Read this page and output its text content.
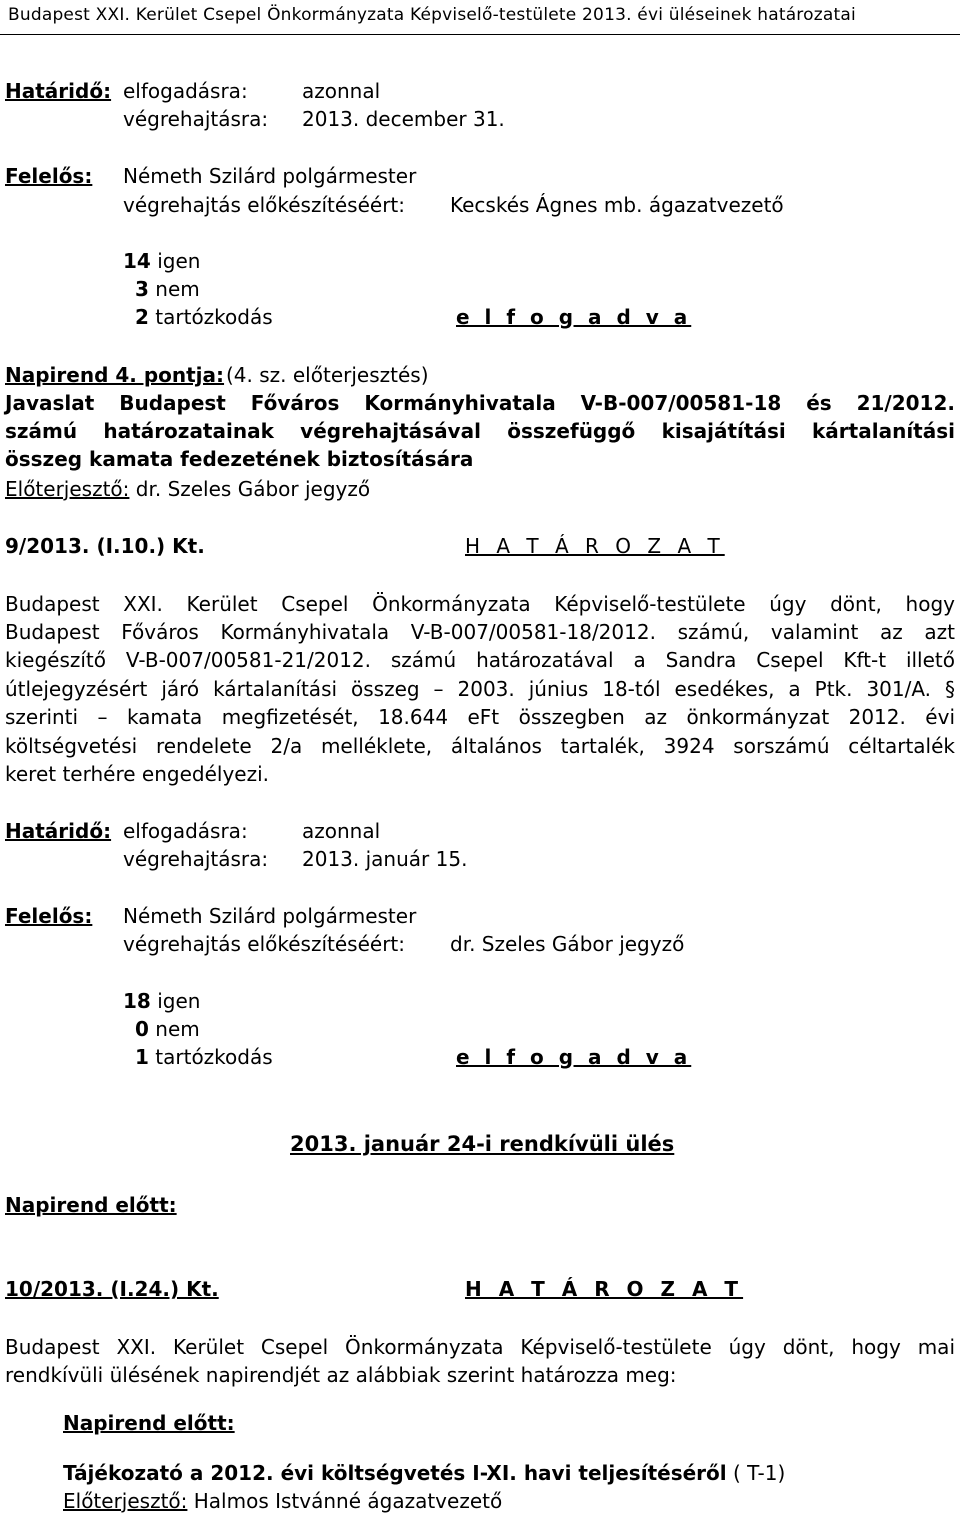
Budapest XXI. Kerület Csepel Önkormányzata Képviselő-testülete 2013. évi üléseinek határozatai
Határidő: elfogadásra:	azonnal
végrehajtásra: 2013. december 31.
Felelős: Németh Szilárd polgármester
végrehajtás előkészítéséért: Kecskés Ágnes mb. ágazatvezető
14 igen
3 nem
2 tartózkodás	e l f o g a d v a
Napirend 4. pontja: (4. sz. előterjesztés)
Javaslat Budapest Főváros Kormányhivatala V-B-007/00581-18 és 21/2012.
számú határozatainak végrehajtásával összefüggő kisajátítási kártalanítási
összeg kamata fedezetének biztosítására
Előterjesztő: dr. Szeles Gábor jegyző
9/2013. (I.10.) Kt.	H A T Á R O Z A T
Budapest XXI. Kerület Csepel Önkormányzata Képviselő-testülete úgy dönt, hogy
Budapest Főváros Kormányhivatala V-B-007/00581-18/2012. számú, valamint az azt
kiegészítő V-B-007/00581-21/2012. számú határozatával a Sandra Csepel Kft-t illető
útlejegyzésért járó kártalanítási összeg – 2003. június 18-tól esedékes, a Ptk. 301/A. §
szerinti – kamata megfizetését, 18.644 eFt összegben az önkormányzat 2012. évi
költségvetési rendelete 2/a melléklete, általános tartalék, 3924 sorszámú céltartalék
keret terhére engedélyezi.
Határidő: elfogadásra:	azonnal
végrehajtásra: 2013. január 15.
Felelős: Németh Szilárd polgármester
végrehajtás előkészítéséért: dr. Szeles Gábor jegyző
18 igen
0 nem
1 tartózkodás	e l f o g a d v a
2013. január 24-i rendkívüli ülés
Napirend előtt:
10/2013. (I.24.) Kt.	H A T Á R O Z A T
Budapest XXI. Kerület Csepel Önkormányzata Képviselő-testülete úgy dönt, hogy mai
rendkívüli ülésének napirendjét az alábbiak szerint határozza meg:
Napirend előtt:
Tájékozató a 2012. évi költségvetés I-XI. havi teljesítéséről ( T-1)
Előterjesztő: Halmos Istvánné ágazatvezető
